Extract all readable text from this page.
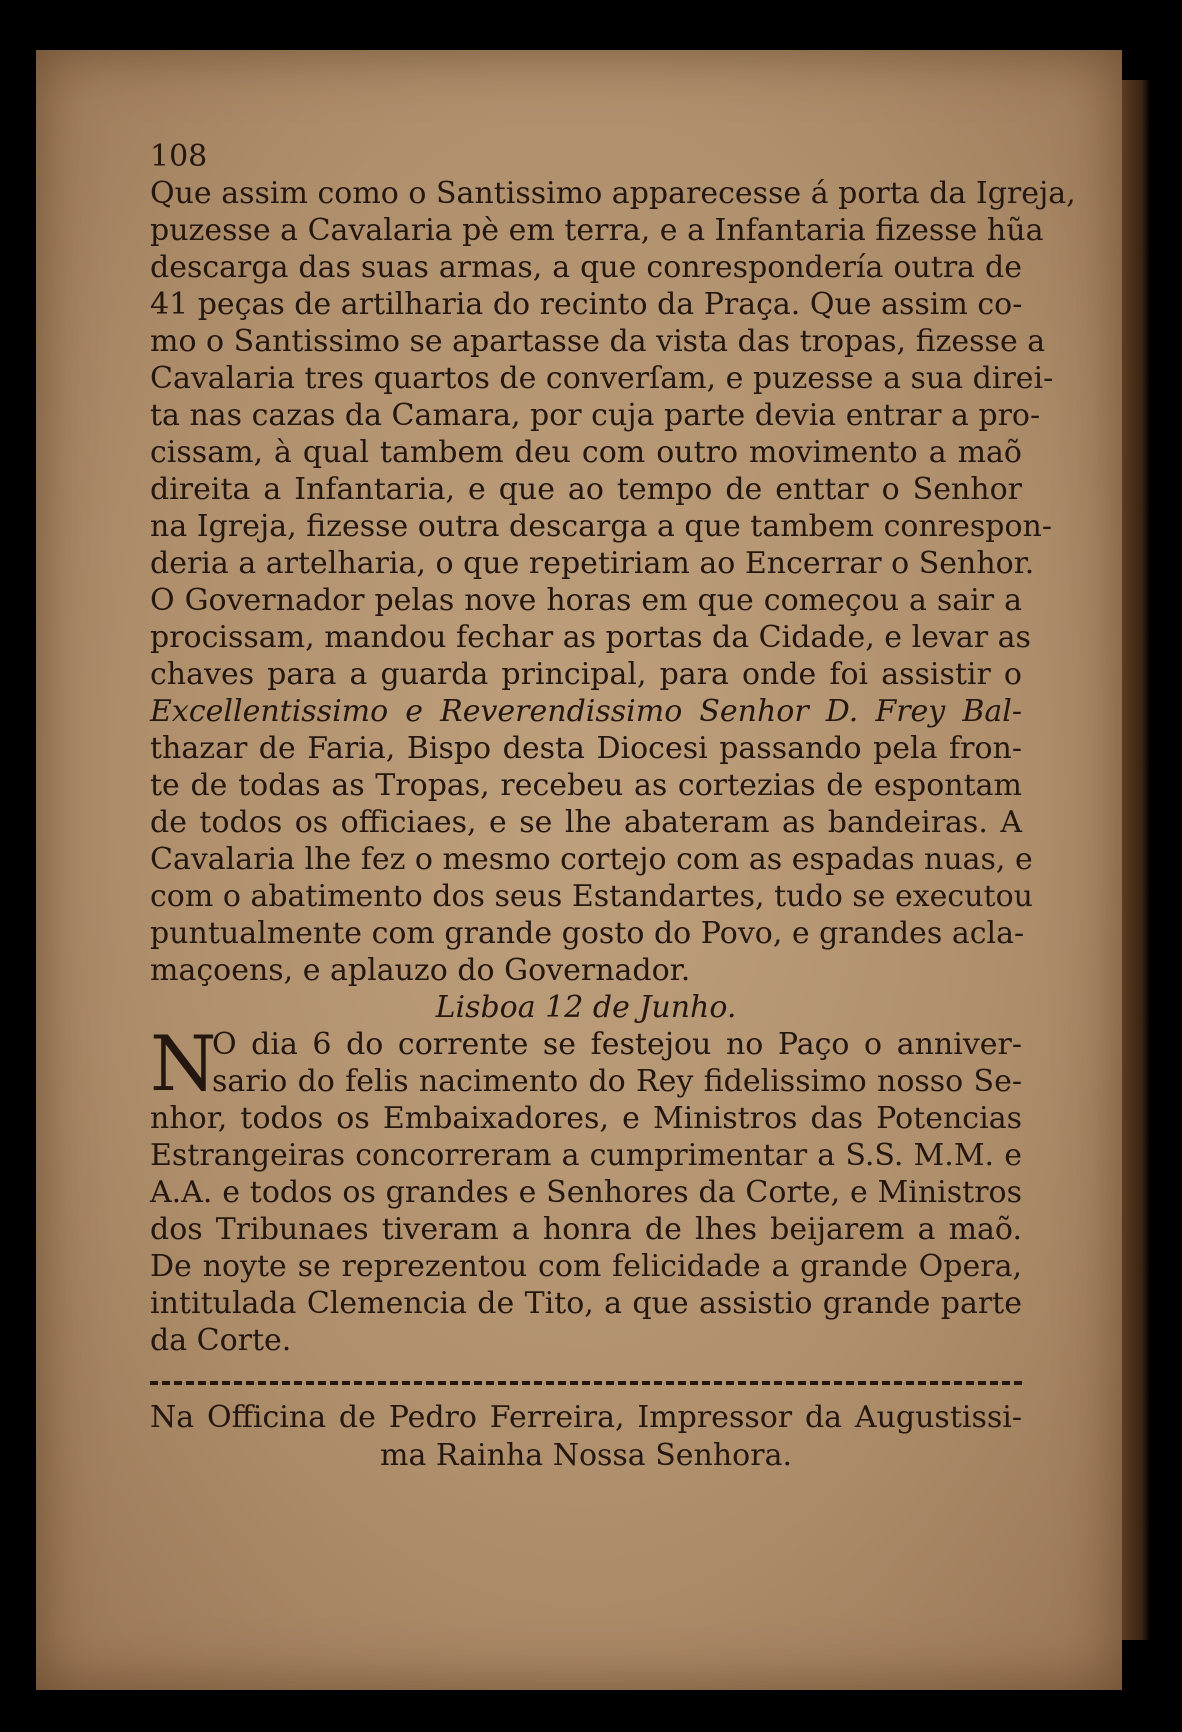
108
Que assim como o Santissimo apparecesse á porta da Igreja,
puzesse a Cavalaria pè em terra, e a Infantaria fizesse hũa
descarga das suas armas, a que conrespondería outra de
41 peças de artilharia do recinto da Praça. Que assim co-
mo o Santissimo se apartasse da vista das tropas, fizesse a
Cavalaria tres quartos de converſam, e puzesse a sua direi-
ta nas cazas da Camara, por cuja parte devia entrar a pro-
cissam, à qual tambem deu com outro movimento a maõ
direita a Infantaria, e que ao tempo de enttar o Senhor
na Igreja, fizesse outra descarga a que tambem conrespon-
deria a artelharia, o que repetiriam ao Encerrar o Senhor.
O Governador pelas nove horas em que começou a sair a
procissam, mandou fechar as portas da Cidade, e levar as
chaves para a guarda principal, para onde foi assistir o
Excellentissimo e Reverendissimo Senhor D. Frey Bal-
thazar de Faria, Bispo desta Diocesi passando pela fron-
te de todas as Tropas, recebeu as cortezias de espontam
de todos os officiaes, e se lhe abateram as bandeiras. A
Cavalaria lhe fez o mesmo cortejo com as espadas nuas, e
com o abatimento dos seus Estandartes, tudo se executou
puntualmente com grande gosto do Povo, e grandes acla-
maçoens, e aplauzo do Governador.
Lisboa 12 de Junho.
N
O dia 6 do corrente se festejou no Paço o anniver-
sario do felis nacimento do Rey fidelissimo nosso Se-
nhor, todos os Embaixadores, e Ministros das Potencias
Estrangeiras concorreram a cumprimentar a S.S. M.M. e
A.A. e todos os grandes e Senhores da Corte, e Ministros
dos Tribunaes tiveram a honra de lhes beijarem a maõ.
De noyte se reprezentou com felicidade a grande Opera,
intitulada Clemencia de Tito, a que assistio grande parte
da Corte.
Na Officina de Pedro Ferreira, Impressor da Augustissi-
ma Rainha Nossa Senhora.
